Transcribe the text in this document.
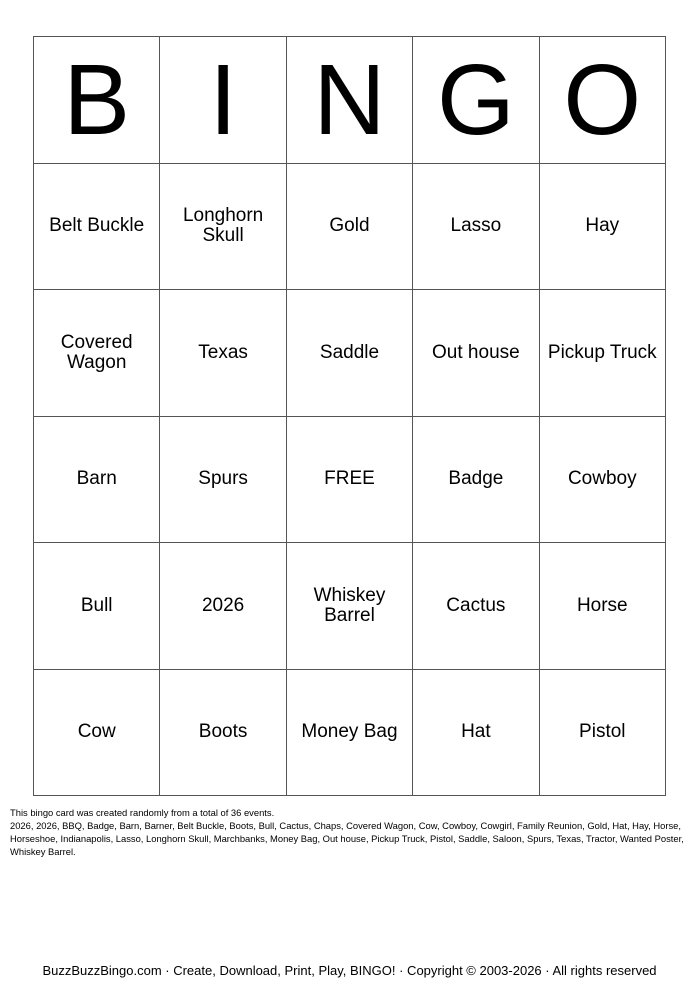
B	I	N	G	O
Belt Buckle	Longhorn Skull	Gold	Lasso	Hay
Covered Wagon	Texas	Saddle	Out house	Pickup Truck
Barn	Spurs	FREE	Badge	Cowboy
Bull	2026	Whiskey Barrel	Cactus	Horse
Cow	Boots	Money Bag	Hat	Pistol

This bingo card was created randomly from a total of 36 events.

2026, 2026, BBQ, Badge, Barn, Barner, Belt Buckle, Boots, Bull, Cactus, Chaps, Covered Wagon, Cow, Cowboy, Cowgirl, Family Reunion, Gold, Hat, Hay, Horse, Horseshoe, Indianapolis, Lasso, Longhorn Skull, Marchbanks, Money Bag, Out house, Pickup Truck, Pistol, Saddle, Saloon, Spurs, Texas, Tractor, Wanted Poster, Whiskey Barrel.

BuzzBuzzBingo.com · Create, Download, Print, Play, BINGO! · Copyright © 2003-2026 · All rights reserved
